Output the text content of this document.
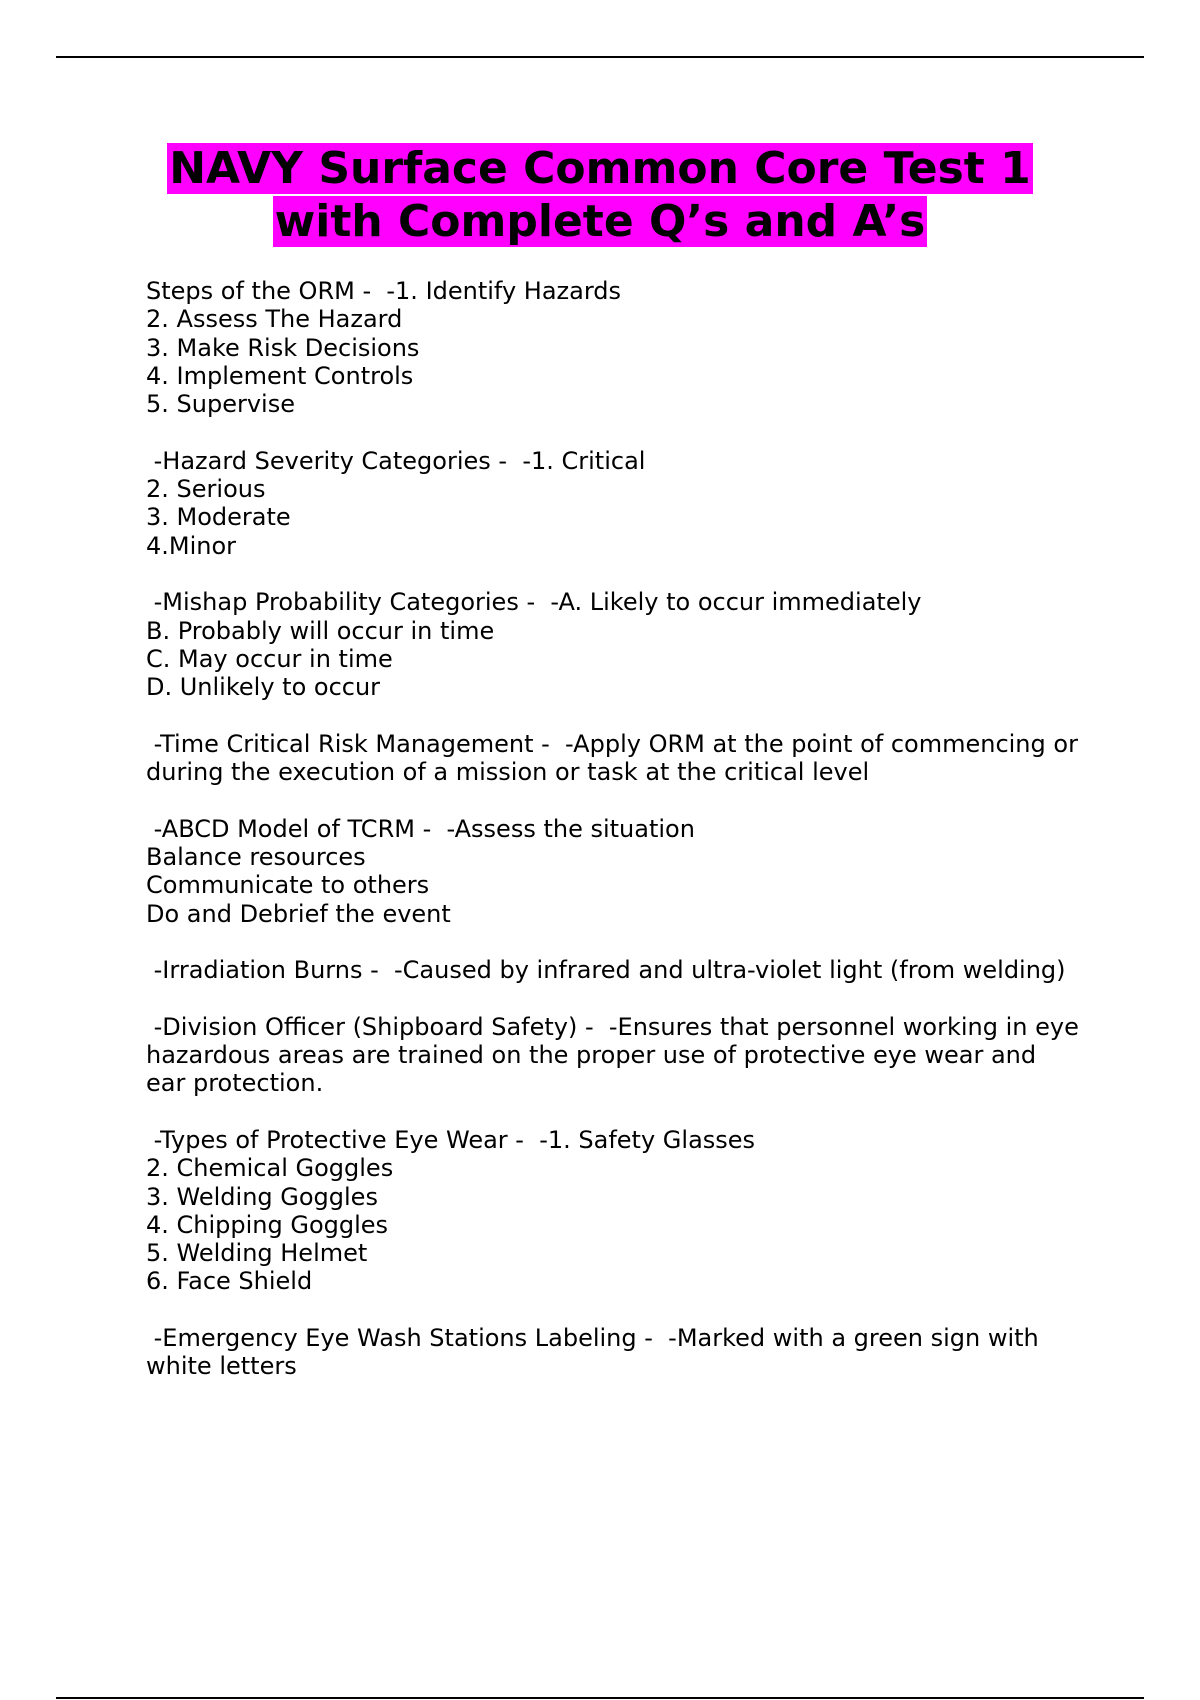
NAVY Surface Common Core Test 1
with Complete Q’s and A’s
Steps of the ORM -  -1. Identify Hazards
2. Assess The Hazard
3. Make Risk Decisions
4. Implement Controls
5. Supervise
-Hazard Severity Categories -  -1. Critical
2. Serious
3. Moderate
4.Minor
-Mishap Probability Categories -  -A. Likely to occur immediately
B. Probably will occur in time
C. May occur in time
D. Unlikely to occur
-Time Critical Risk Management -  -Apply ORM at the point of commencing or
during the execution of a mission or task at the critical level
-ABCD Model of TCRM -  -Assess the situation
Balance resources
Communicate to others
Do and Debrief the event
-Irradiation Burns -  -Caused by infrared and ultra-violet light (from welding)
-Division Officer (Shipboard Safety) -  -Ensures that personnel working in eye
hazardous areas are trained on the proper use of protective eye wear and
ear protection.
-Types of Protective Eye Wear -  -1. Safety Glasses
2. Chemical Goggles
3. Welding Goggles
4. Chipping Goggles
5. Welding Helmet
6. Face Shield
-Emergency Eye Wash Stations Labeling -  -Marked with a green sign with
white letters
